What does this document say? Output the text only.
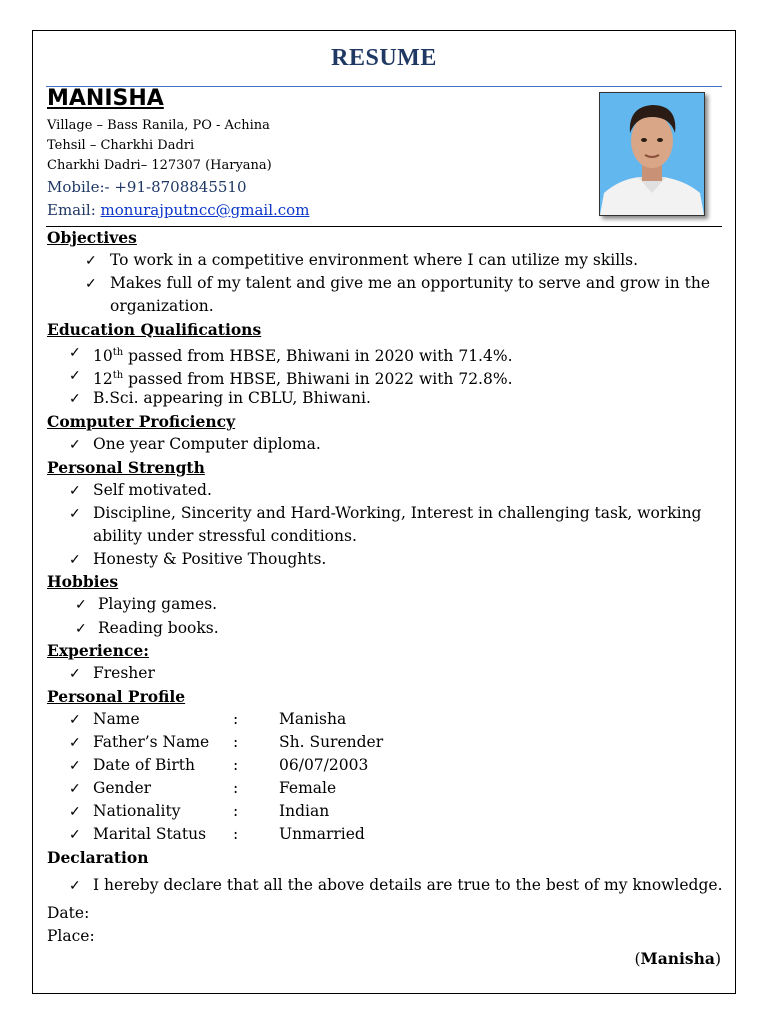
RESUME
MANISHA
Village – Bass Ranila, PO - Achina
Tehsil – Charkhi Dadri
Charkhi Dadri– 127307 (Haryana)
Mobile:- +91-8708845510
Email: monurajputncc@gmail.com
Objectives
✓ To work in a competitive environment where I can utilize my skills.
✓ Makes full of my talent and give me an opportunity to serve and grow in the
organization.
Education Qualifications
✓ 10th passed from HBSE, Bhiwani in 2020 with 71.4%.
✓ 12th passed from HBSE, Bhiwani in 2022 with 72.8%.
✓ B.Sci. appearing in CBLU, Bhiwani.
Computer Proficiency
✓ One year Computer diploma.
Personal Strength
✓ Self motivated.
✓ Discipline, Sincerity and Hard-Working, Interest in challenging task, working
ability under stressful conditions.
✓ Honesty & Positive Thoughts.
Hobbies
✓ Playing games.
✓ Reading books.
Experience:
✓ Fresher
Personal Profile
✓ Name	:	Manisha
✓ Father’s Name :	Sh. Surender
✓ Date of Birth :	06/07/2003
✓ Gender	:	Female
✓ Nationality	:	Indian
✓ Marital Status :	Unmarried
Declaration
✓ I hereby declare that all the above details are true to the best of my knowledge.
Date:
Place:
(Manisha)
